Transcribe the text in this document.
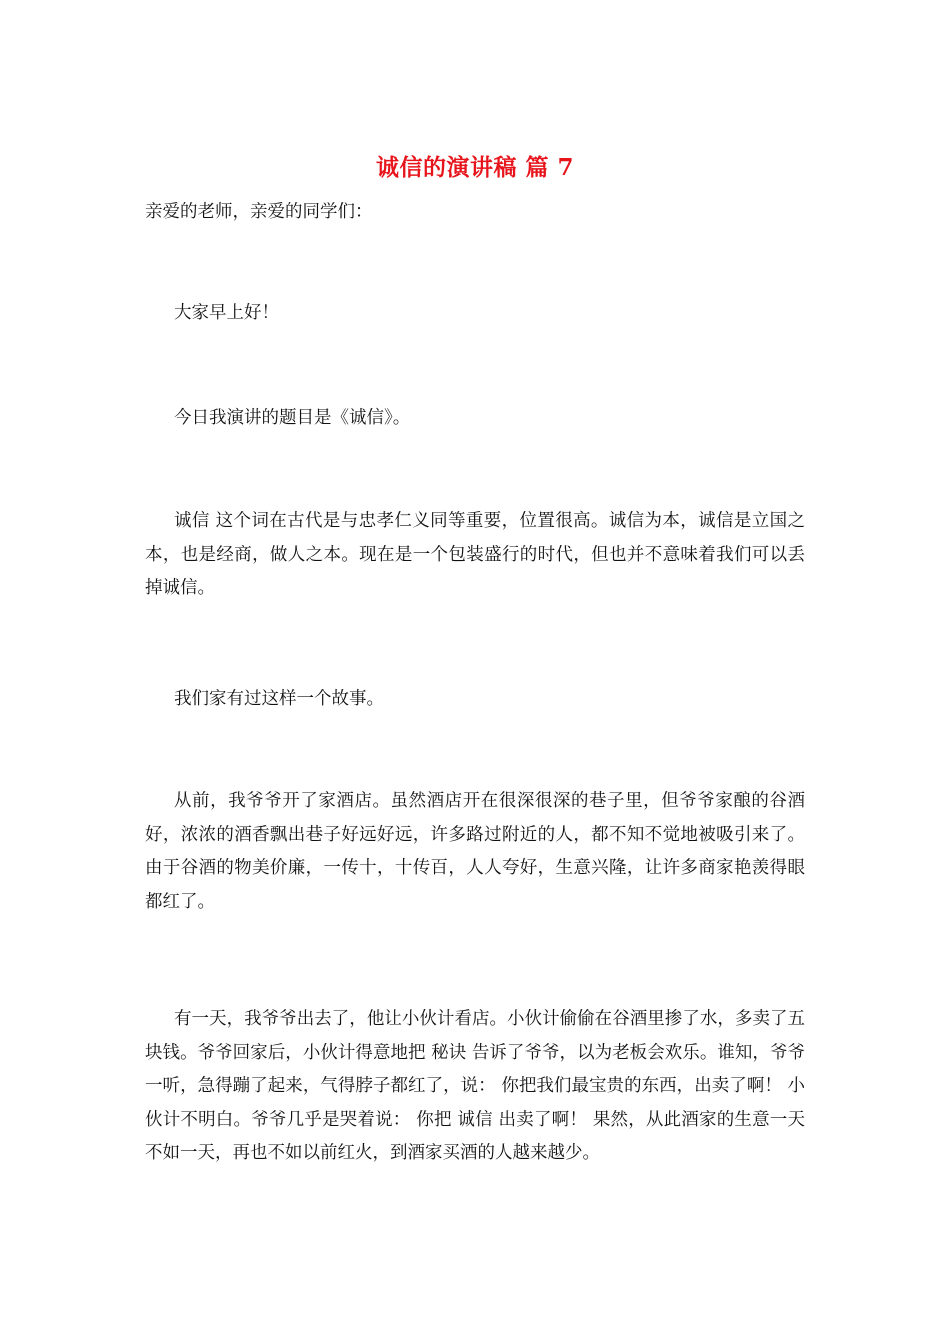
诚信的演讲稿 篇 7

亲爱的老师，亲爱的同学们：

大家早上好！

今日我演讲的题目是《诚信》。

诚信 这个词在古代是与忠孝仁义同等重要，位置很高。诚信为本，诚信是立国之本，也是经商，做人之本。现在是一个包装盛行的时代，但也并不意味着我们可以丢掉诚信。

我们家有过这样一个故事。

从前，我爷爷开了家酒店。虽然酒店开在很深很深的巷子里，但爷爷家酿的谷酒好，浓浓的酒香飘出巷子好远好远，许多路过附近的人，都不知不觉地被吸引来了。由于谷酒的物美价廉，一传十，十传百，人人夸好，生意兴隆，让许多商家艳羡得眼都红了。

有一天，我爷爷出去了，他让小伙计看店。小伙计偷偷在谷酒里掺了水，多卖了五块钱。爷爷回家后，小伙计得意地把 秘诀 告诉了爷爷，以为老板会欢乐。谁知，爷爷一听，急得蹦了起来，气得脖子都红了，说： 你把我们最宝贵的东西，出卖了啊！ 小伙计不明白。爷爷几乎是哭着说： 你把 诚信 出卖了啊！ 果然，从此酒家的生意一天不如一天，再也不如以前红火，到酒家买酒的人越来越少。
